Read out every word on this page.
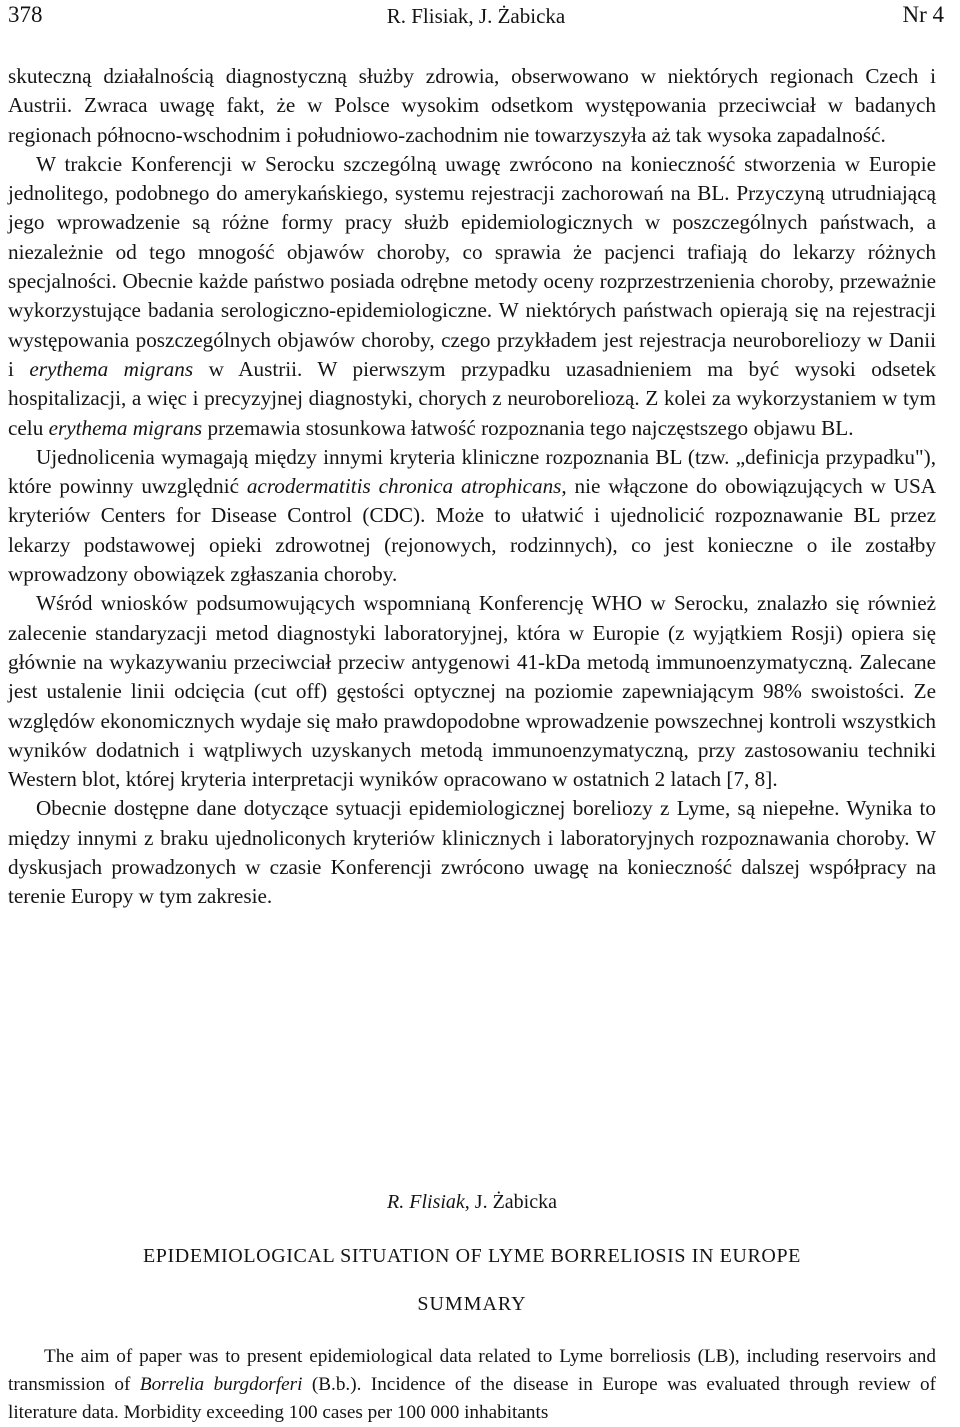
378	R. Flisiak, J. Żabicka	Nr 4

skuteczną działalnością diagnostyczną służby zdrowia, obserwowano w niektórych regionach Czech i Austrii. Zwraca uwagę fakt, że w Polsce wysokim odsetkom występowania przeciwciał w badanych regionach północno-wschodnim i południowo-zachodnim nie towarzyszyła aż tak wysoka zapadalność.

W trakcie Konferencji w Serocku szczególną uwagę zwrócono na konieczność stworzenia w Europie jednolitego, podobnego do amerykańskiego, systemu rejestracji zachorowań na BL. Przyczyną utrudniającą jego wprowadzenie są różne formy pracy służb epidemiologicznych w poszczególnych państwach, a niezależnie od tego mnogość objawów choroby, co sprawia że pacjenci trafiają do lekarzy różnych specjalności. Obecnie każde państwo posiada odrębne metody oceny rozprzestrzenienia choroby, przeważnie wykorzystujące badania serologiczno-epidemiologiczne. W niektórych państwach opierają się na rejestracji występowania poszczególnych objawów choroby, czego przykładem jest rejestracja neuroboreliozy w Danii i erythema migrans w Austrii. W pierwszym przypadku uzasadnieniem ma być wysoki odsetek hospitalizacji, a więc i precyzyjnej diagnostyki, chorych z neuroboreliozą. Z kolei za wykorzystaniem w tym celu erythema migrans przemawia stosunkowa łatwość rozpoznania tego najczęstszego objawu BL.

Ujednolicenia wymagają między innymi kryteria kliniczne rozpoznania BL (tzw. „definicja przypadku"), które powinny uwzględnić acrodermatitis chronica atrophicans, nie włączone do obowiązujących w USA kryteriów Centers for Disease Control (CDC). Może to ułatwić i ujednolicić rozpoznawanie BL przez lekarzy podstawowej opieki zdrowotnej (rejonowych, rodzinnych), co jest konieczne o ile zostałby wprowadzony obowiązek zgłaszania choroby.

Wśród wniosków podsumowujących wspomnianą Konferencję WHO w Serocku, znalazło się również zalecenie standaryzacji metod diagnostyki laboratoryjnej, która w Europie (z wyjątkiem Rosji) opiera się głównie na wykazywaniu przeciwciał przeciw antygenowi 41-kDa metodą immunoenzymatyczną. Zalecane jest ustalenie linii odcięcia (cut off) gęstości optycznej na poziomie zapewniającym 98% swoistości. Ze względów ekonomicznych wydaje się mało prawdopodobne wprowadzenie powszechnej kontroli wszystkich wyników dodatnich i wątpliwych uzyskanych metodą immunoenzymatyczną, przy zastosowaniu techniki Western blot, której kryteria interpretacji wyników opracowano w ostatnich 2 latach [7, 8].

Obecnie dostępne dane dotyczące sytuacji epidemiologicznej boreliozy z Lyme, są niepełne. Wynika to między innymi z braku ujednoliconych kryteriów klinicznych i laboratoryjnych rozpoznawania choroby. W dyskusjach prowadzonych w czasie Konferencji zwrócono uwagę na konieczność dalszej współpracy na terenie Europy w tym zakresie.

R. Flisiak, J. Żabicka
EPIDEMIOLOGICAL SITUATION OF LYME BORRELIOSIS IN EUROPE
SUMMARY
The aim of paper was to present epidemiological data related to Lyme borreliosis (LB), including reservoirs and transmission of Borrelia burgdorferi (B.b.). Incidence of the disease in Europe was evaluated through review of literature data. Morbidity exceeding 100 cases per 100 000 inhabitants
